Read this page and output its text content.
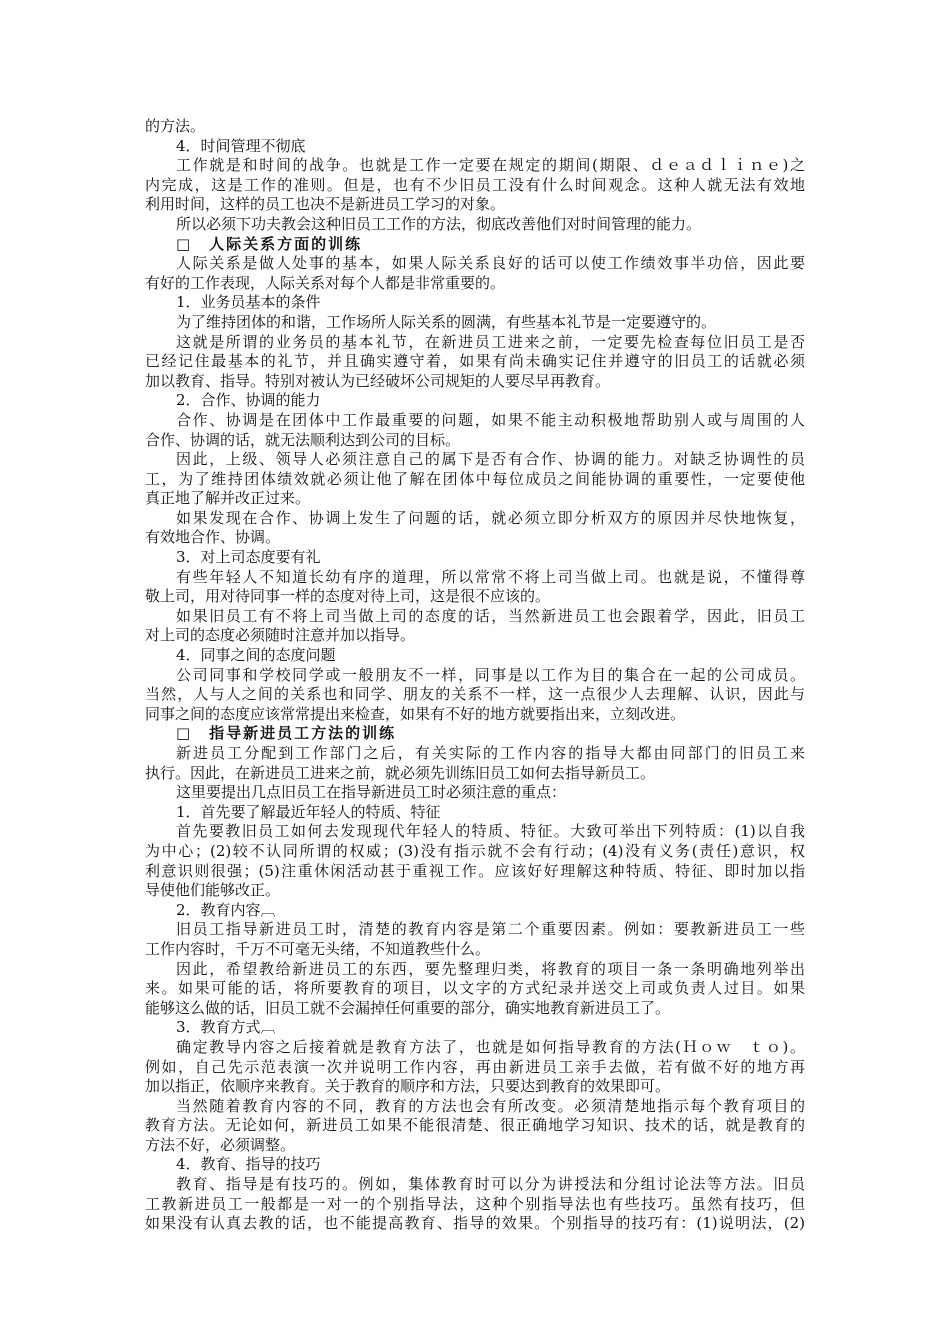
的方法。
4．时间管理不彻底
工作就是和时间的战争。也就是工作一定要在规定的期间(期限、ｄｅａｄｌｉｎｅ)之
内完成，这是工作的准则。但是，也有不少旧员工没有什么时间观念。这种人就无法有效地
利用时间，这样的员工也决不是新进员工学习的对象。
所以必须下功夫教会这种旧员工工作的方法，彻底改善他们对时间管理的能力。
□　人际关系方面的训练
人际关系是做人处事的基本，如果人际关系良好的话可以使工作绩效事半功倍，因此要
有好的工作表现，人际关系对每个人都是非常重要的。
1．业务员基本的条件
为了维持团体的和谐，工作场所人际关系的圆满，有些基本礼节是一定要遵守的。
这就是所谓的业务员的基本礼节，在新进员工进来之前，一定要先检查每位旧员工是否
已经记住最基本的礼节，并且确实遵守着，如果有尚未确实记住并遵守的旧员工的话就必须
加以教育、指导。特别对被认为已经破坏公司规矩的人要尽早再教育。
2．合作、协调的能力
合作、协调是在团体中工作最重要的问题，如果不能主动积极地帮助别人或与周围的人
合作、协调的话，就无法顺利达到公司的目标。
因此，上级、领导人必须注意自己的属下是否有合作、协调的能力。对缺乏协调性的员
工，为了维持团体绩效就必须让他了解在团体中每位成员之间能协调的重要性，一定要使他
真正地了解并改正过来。
如果发现在合作、协调上发生了问题的话，就必须立即分析双方的原因并尽快地恢复，
有效地合作、协调。
3．对上司态度要有礼
有些年轻人不知道长幼有序的道理，所以常常不将上司当做上司。也就是说，不懂得尊
敬上司，用对待同事一样的态度对待上司，这是很不应该的。
如果旧员工有不将上司当做上司的态度的话，当然新进员工也会跟着学，因此，旧员工
对上司的态度必须随时注意并加以指导。
4．同事之间的态度问题
公司同事和学校同学或一般朋友不一样，同事是以工作为目的集合在一起的公司成员。
当然，人与人之间的关系也和同学、朋友的关系不一样，这一点很少人去理解、认识，因此与
同事之间的态度应该常常提出来检查，如果有不好的地方就要指出来，立刻改进。
□　指导新进员工方法的训练
新进员工分配到工作部门之后，有关实际的工作内容的指导大都由同部门的旧员工来
执行。因此，在新进员工进来之前，就必须先训练旧员工如何去指导新员工。
这里要提出几点旧员工在指导新进员工时必须注意的重点：
1．首先要了解最近年轻人的特质、特征
首先要教旧员工如何去发现现代年轻人的特质、特征。大致可举出下列特质：(1)以自我
为中心；(2)较不认同所谓的权威；(3)没有指示就不会有行动；(4)没有义务(责任)意识，权
利意识则很强；(5)注重休闲活动甚于重视工作。应该好好理解这种特质、特征、即时加以指
导使他们能够改正。
2．教育内容︹
旧员工指导新进员工时，清楚的教育内容是第二个重要因素。例如：要教新进员工一些
工作内容时，千万不可毫无头绪，不知道教些什么。
因此，希望教给新进员工的东西，要先整理归类，将教育的项目一条一条明确地列举出
来。如果可能的话，将所要教育的项目，以文字的方式纪录并送交上司或负责人过目。如果
能够这么做的话，旧员工就不会漏掉任何重要的部分，确实地教育新进员工了。
3．教育方式︹
确定教导内容之后接着就是教育方法了，也就是如何指导教育的方法(Ｈｏｗ　ｔｏ)。
例如，自己先示范表演一次并说明工作内容，再由新进员工亲手去做，若有做不好的地方再
加以指正，依顺序来教育。关于教育的顺序和方法，只要达到教育的效果即可。
当然随着教育内容的不同，教育的方法也会有所改变。必须清楚地指示每个教育项目的
教育方法。无论如何，新进员工如果不能很清楚、很正确地学习知识、技术的话，就是教育的
方法不好，必须调整。
4．教育、指导的技巧
教育、指导是有技巧的。例如，集体教育时可以分为讲授法和分组讨论法等方法。旧员
工教新进员工一般都是一对一的个别指导法，这种个别指导法也有些技巧。虽然有技巧，但
如果没有认真去教的话，也不能提高教育、指导的效果。个别指导的技巧有：(1)说明法，(2)
